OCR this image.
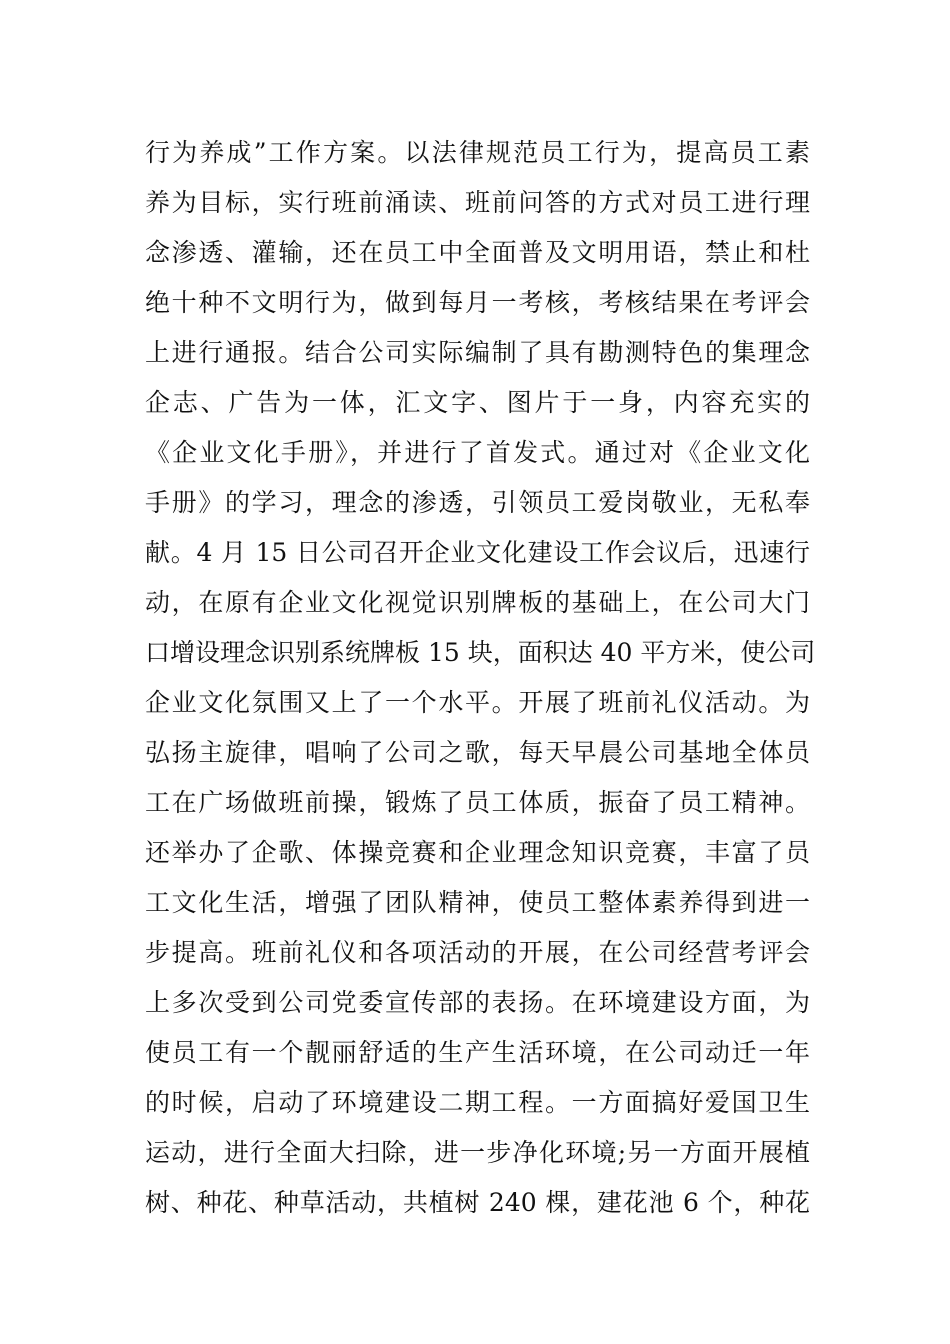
行为养成”工作方案。以法律规范员工行为，提高员工素
养为目标，实行班前涌读、班前问答的方式对员工进行理
念渗透、灌输，还在员工中全面普及文明用语，禁止和杜
绝十种不文明行为，做到每月一考核，考核结果在考评会
上进行通报。结合公司实际编制了具有勘测特色的集理念
企志、广告为一体，汇文字、图片于一身，内容充实的
《企业文化手册》，并进行了首发式。通过对《企业文化
手册》的学习，理念的渗透，引领员工爱岗敬业，无私奉
献。4 月 15 日公司召开企业文化建设工作会议后，迅速行
动，在原有企业文化视觉识别牌板的基础上，在公司大门
口增设理念识别系统牌板 15 块，面积达 40 平方米，使公司
企业文化氛围又上了一个水平。开展了班前礼仪活动。为
弘扬主旋律，唱响了公司之歌，每天早晨公司基地全体员
工在广场做班前操，锻炼了员工体质，振奋了员工精神。
还举办了企歌、体操竞赛和企业理念知识竞赛，丰富了员
工文化生活，增强了团队精神，使员工整体素养得到进一
步提高。班前礼仪和各项活动的开展，在公司经营考评会
上多次受到公司党委宣传部的表扬。在环境建设方面，为
使员工有一个靓丽舒适的生产生活环境，在公司动迁一年
的时候，启动了环境建设二期工程。一方面搞好爱国卫生
运动，进行全面大扫除，进一步净化环境;另一方面开展植
树、种花、种草活动，共植树 240 棵，建花池 6 个，种花
